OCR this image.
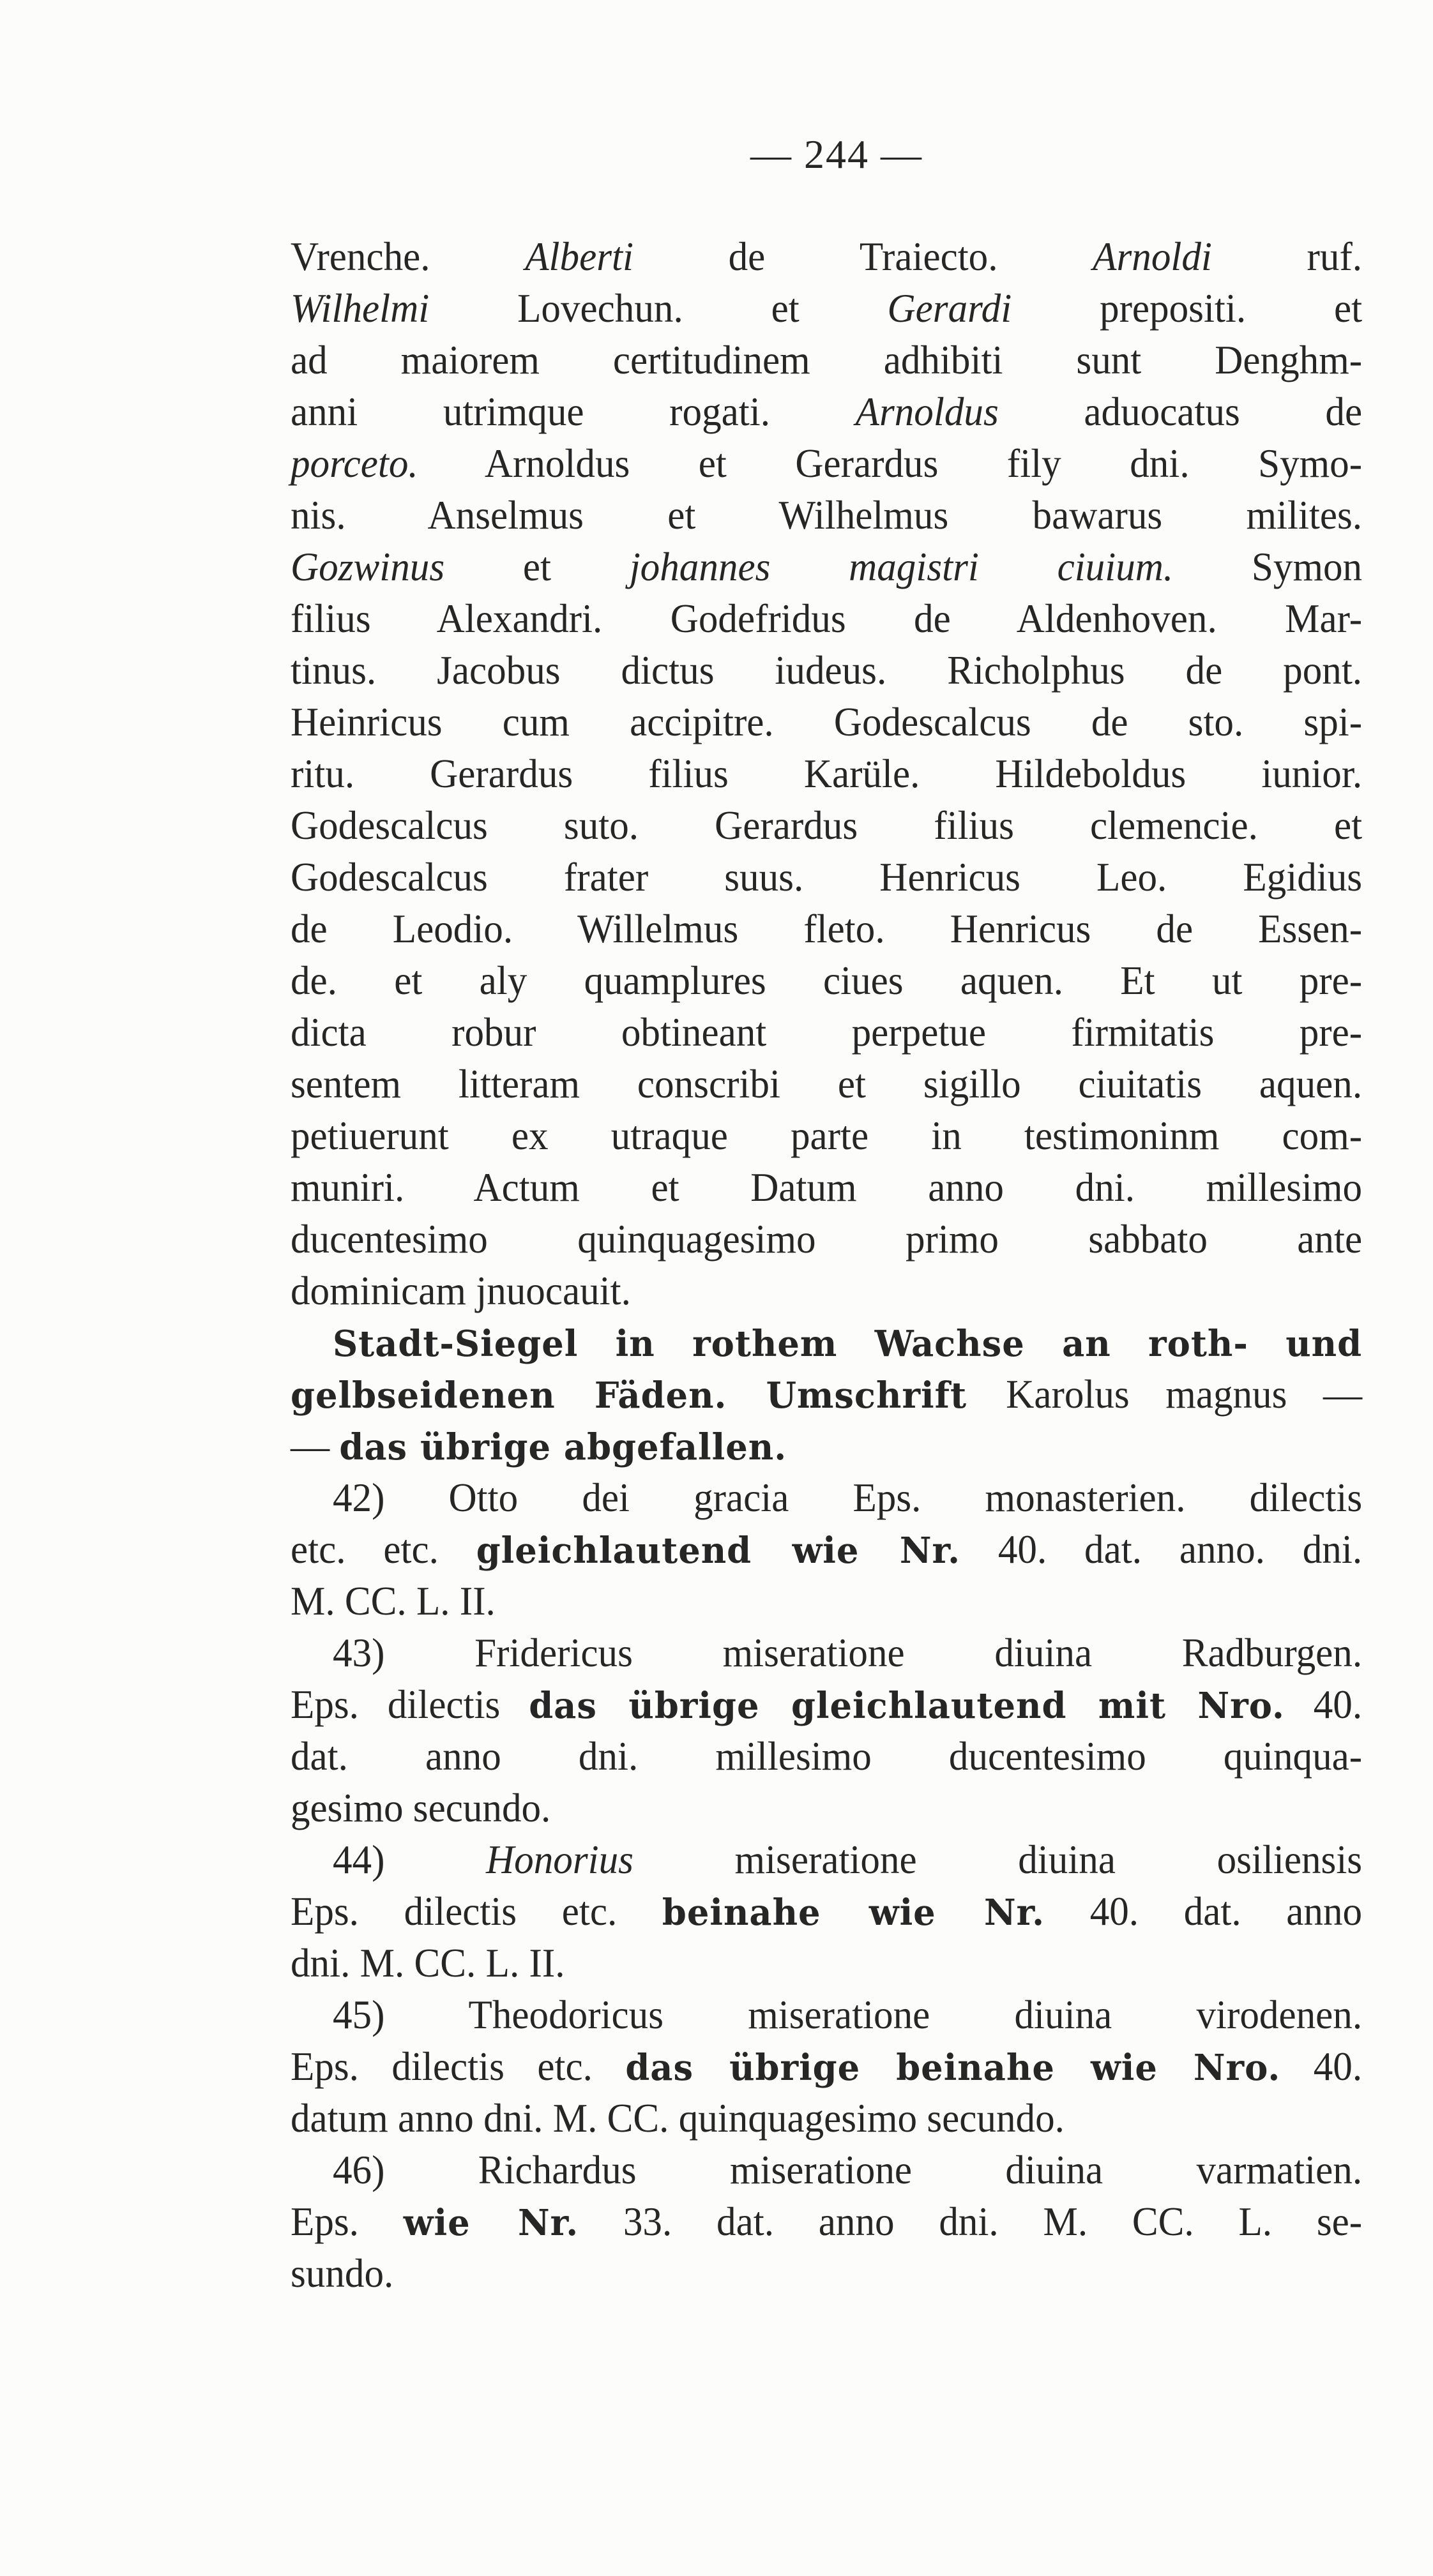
— 244 —
Vrenche. Alberti de Traiecto. Arnoldi ruf.
Wilhelmi Lovechun. et Gerardi prepositi. et
ad maiorem certitudinem adhibiti sunt Denghm-
anni utrimque rogati. Arnoldus aduocatus de
porceto. Arnoldus et Gerardus fily dni. Symo-
nis. Anselmus et Wilhelmus bawarus milites.
Gozwinus et johannes magistri ciuium. Symon
filius Alexandri. Godefridus de Aldenhoven. Mar-
tinus. Jacobus dictus iudeus. Richolphus de pont.
Heinricus cum accipitre. Godescalcus de sto. spi-
ritu. Gerardus filius Karüle. Hildeboldus iunior.
Godescalcus suto. Gerardus filius clemencie. et
Godescalcus frater suus. Henricus Leo. Egidius
de Leodio. Willelmus fleto. Henricus de Essen-
de. et aly quamplures ciues aquen. Et ut pre-
dicta robur obtineant perpetue firmitatis pre-
sentem litteram conscribi et sigillo ciuitatis aquen.
petiuerunt ex utraque parte in testimoninm com-
muniri. Actum et Datum anno dni. millesimo
ducentesimo quinquagesimo primo sabbato ante
dominicam jnuocauit.
Stadt-Siegel in rothem Wachse an roth- und
gelbseidenen Fäden. Umschrift Karolus magnus —
— das übrige abgefallen.
42) Otto dei gracia Eps. monasterien. dilectis
etc. etc. gleichlautend wie Nr. 40. dat. anno. dni.
M. CC. L. II.
43) Fridericus miseratione diuina Radburgen.
Eps. dilectis das übrige gleichlautend mit Nro. 40.
dat. anno dni. millesimo ducentesimo quinqua-
gesimo secundo.
44) Honorius miseratione diuina osiliensis
Eps. dilectis etc. beinahe wie Nr. 40. dat. anno
dni. M. CC. L. II.
45) Theodoricus miseratione diuina virodenen.
Eps. dilectis etc. das übrige beinahe wie Nro. 40.
datum anno dni. M. CC. quinquagesimo secundo.
46) Richardus miseratione diuina varmatien.
Eps. wie Nr. 33. dat. anno dni. M. CC. L. se-
sundo.
